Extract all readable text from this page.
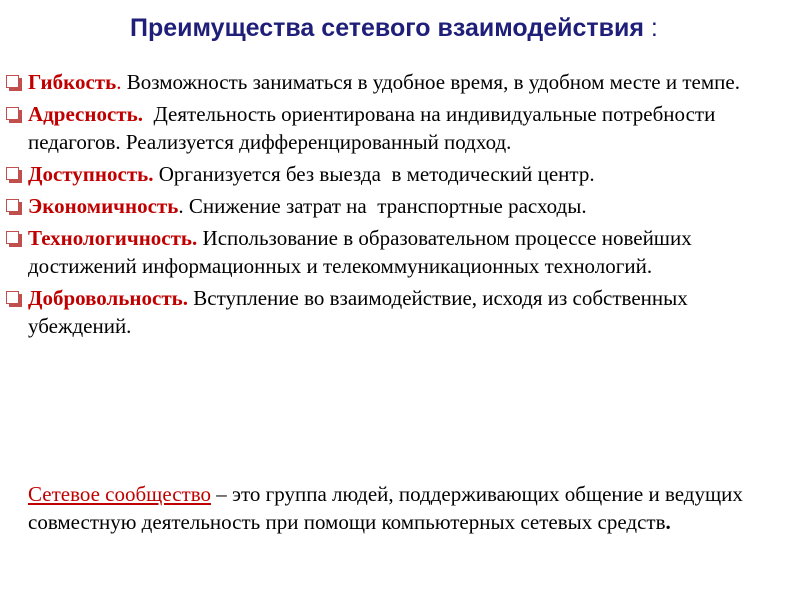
Преимущества сетевого взаимодействия :
Гибкость. Возможность заниматься в удобное время, в удобном месте и темпе.
Адресность.  Деятельность ориентирована на индивидуальные потребности педагогов. Реализуется дифференцированный подход.
Доступность. Организуется без выезда  в методический центр.
Экономичность. Снижение затрат на  транспортные расходы.
Технологичность. Использование в образовательном процессе новейших достижений информационных и телекоммуникационных технологий.
Добровольность. Вступление во взаимодействие, исходя из собственных убеждений.
Сетевое сообщество – это группа людей, поддерживающих общение и ведущих совместную деятельность при помощи компьютерных сетевых средств.
